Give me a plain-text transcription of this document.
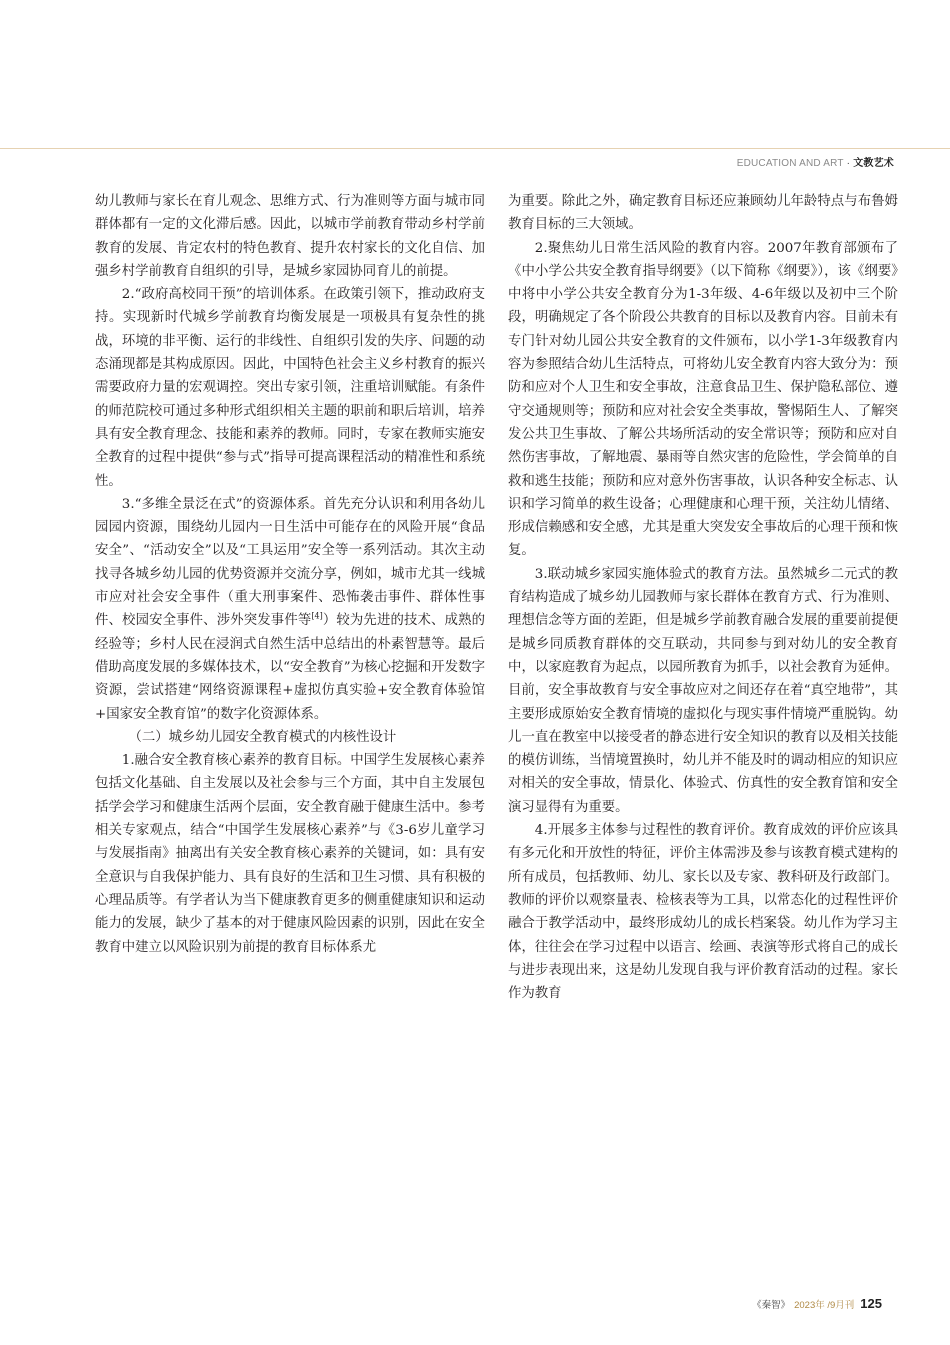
EDUCATION AND ART · 文教艺术

幼儿教师与家长在育儿观念、思维方式、行为准则等方面与城市同群体都有一定的文化滞后感。因此，以城市学前教育带动乡村学前教育的发展、肯定农村的特色教育、提升农村家长的文化自信、加强乡村学前教育自组织的引导，是城乡家园协同育儿的前提。

2.“政府高校同干预”的培训体系。在政策引领下，推动政府支持。实现新时代城乡学前教育均衡发展是一项极具有复杂性的挑战，环境的非平衡、运行的非线性、自组织引发的失序、问题的动态涌现都是其构成原因。因此，中国特色社会主义乡村教育的振兴需要政府力量的宏观调控。突出专家引领，注重培训赋能。有条件的师范院校可通过多种形式组织相关主题的职前和职后培训，培养具有安全教育理念、技能和素养的教师。同时，专家在教师实施安全教育的过程中提供“参与式”指导可提高课程活动的精准性和系统性。

3.“多维全景泛在式”的资源体系。首先充分认识和利用各幼儿园园内资源，围绕幼儿园内一日生活中可能存在的风险开展“食品安全”、“活动安全”以及“工具运用”安全等一系列活动。其次主动找寻各城乡幼儿园的优势资源并交流分享，例如，城市尤其一线城市应对社会安全事件（重大刑事案件、恐怖袭击事件、群体性事件、校园安全事件、涉外突发事件等[4]）较为先进的技术、成熟的经验等；乡村人民在浸润式自然生活中总结出的朴素智慧等。最后借助高度发展的多媒体技术，以“安全教育”为核心挖掘和开发数字资源，尝试搭建“网络资源课程+虚拟仿真实验+安全教育体验馆+国家安全教育馆”的数字化资源体系。

（二）城乡幼儿园安全教育模式的内核性设计

1.融合安全教育核心素养的教育目标。中国学生发展核心素养包括文化基础、自主发展以及社会参与三个方面，其中自主发展包括学会学习和健康生活两个层面，安全教育融于健康生活中。参考相关专家观点，结合“中国学生发展核心素养”与《3-6岁儿童学习与发展指南》抽离出有关安全教育核心素养的关键词，如：具有安全意识与自我保护能力、具有良好的生活和卫生习惯、具有积极的心理品质等。有学者认为当下健康教育更多的侧重健康知识和运动能力的发展，缺少了基本的对于健康风险因素的识别，因此在安全教育中建立以风险识别为前提的教育目标体系尤

为重要。除此之外，确定教育目标还应兼顾幼儿年龄特点与布鲁姆教育目标的三大领域。

2.聚焦幼儿日常生活风险的教育内容。2007年教育部颁布了《中小学公共安全教育指导纲要》（以下简称《纲要》），该《纲要》中将中小学公共安全教育分为1-3年级、4-6年级以及初中三个阶段，明确规定了各个阶段公共教育的目标以及教育内容。目前未有专门针对幼儿园公共安全教育的文件颁布，以小学1-3年级教育内容为参照结合幼儿生活特点，可将幼儿安全教育内容大致分为：预防和应对个人卫生和安全事故，注意食品卫生、保护隐私部位、遵守交通规则等；预防和应对社会安全类事故，警惕陌生人、了解突发公共卫生事故、了解公共场所活动的安全常识等；预防和应对自然伤害事故，了解地震、暴雨等自然灾害的危险性，学会简单的自救和逃生技能；预防和应对意外伤害事故，认识各种安全标志、认识和学习简单的救生设备；心理健康和心理干预，关注幼儿情绪、形成信赖感和安全感，尤其是重大突发安全事故后的心理干预和恢复。

3.联动城乡家园实施体验式的教育方法。虽然城乡二元式的教育结构造成了城乡幼儿园教师与家长群体在教育方式、行为准则、理想信念等方面的差距，但是城乡学前教育融合发展的重要前提便是城乡同质教育群体的交互联动，共同参与到对幼儿的安全教育中，以家庭教育为起点，以园所教育为抓手，以社会教育为延伸。目前，安全事故教育与安全事故应对之间还存在着“真空地带”，其主要形成原始安全教育情境的虚拟化与现实事件情境严重脱钩。幼儿一直在教室中以接受者的静态进行安全知识的教育以及相关技能的模仿训练，当情境置换时，幼儿并不能及时的调动相应的知识应对相关的安全事故，情景化、体验式、仿真性的安全教育馆和安全演习显得有为重要。

4.开展多主体参与过程性的教育评价。教育成效的评价应该具有多元化和开放性的特征，评价主体需涉及参与该教育模式建构的所有成员，包括教师、幼儿、家长以及专家、教科研及行政部门。教师的评价以观察量表、检核表等为工具，以常态化的过程性评价融合于教学活动中，最终形成幼儿的成长档案袋。幼儿作为学习主体，往往会在学习过程中以语言、绘画、表演等形式将自己的成长与进步表现出来，这是幼儿发现自我与评价教育活动的过程。家长作为教育

《秦智》 2023年 /9月刊 125
